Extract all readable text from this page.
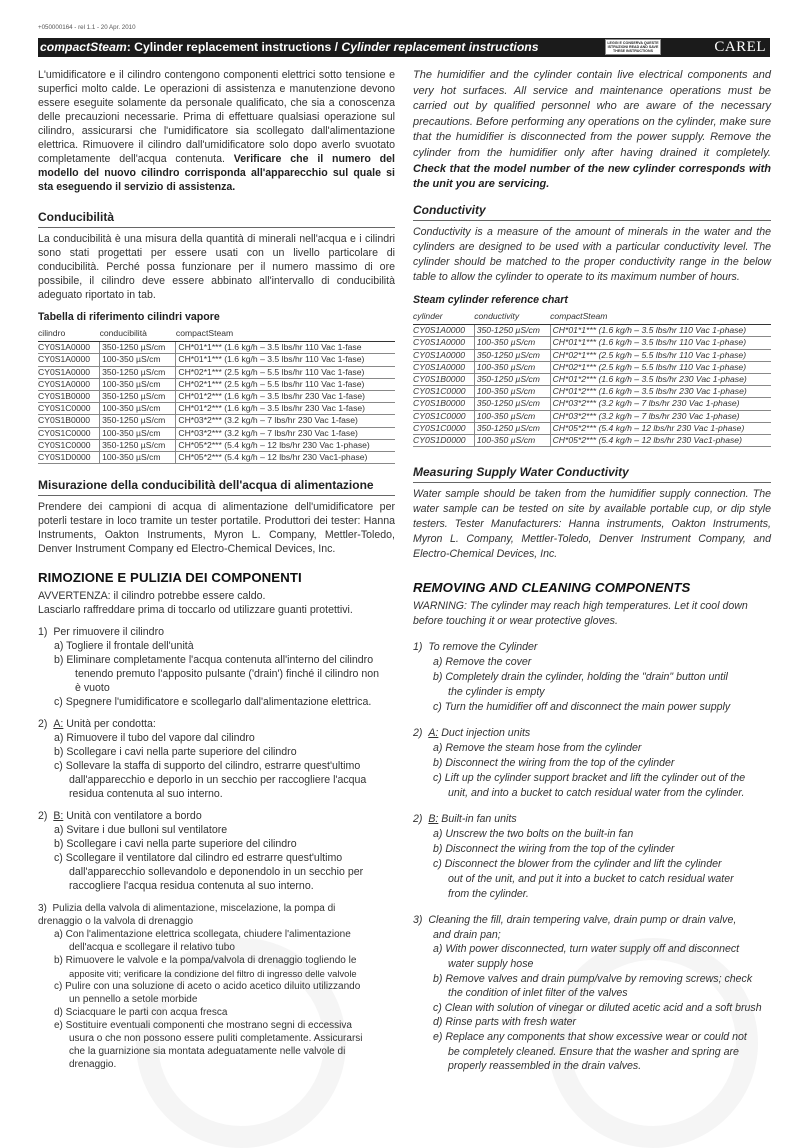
+050000164 - rel 1.1 - 20 Apr. 2010
compactSteam: Cylinder replacement instructions / Cylinder replacement instructions	LEGGI E CONSERVA QUESTE ISTRUZIONI READ AND SAVE THESE INSTRUCTIONS	CAREL

L'umidificatore e il cilindro contengono componenti elettrici sotto tensione e superfici molto calde. Le operazioni di assistenza e manutenzione devono essere eseguite solamente da personale qualificato, che sia a conoscenza delle precauzioni necessarie. Prima di effettuare qualsiasi operazione sul cilindro, assicurarsi che l'umidificatore sia scollegato dall'alimentazione elettrica. Rimuovere il cilindro dall'umidificatore solo dopo averlo svuotato completamente dell'acqua contenuta. Verificare che il numero del modello del nuovo cilindro corrisponda all'apparecchio sul quale si sta eseguendo il servizio di assistenza.

Conducibilità

La conducibilità è una misura della quantità di minerali nell'acqua e i cilindri sono stati progettati per essere usati con un livello particolare di conducibilità. Perché possa funzionare per il numero massimo di ore possibile, il cilindro deve essere abbinato all'intervallo di conducibilità adeguato riportato in tab.

Tabella di riferimento cilindri vapore
cilindro	conducibilità	compactSteam
CY0S1A0000	350-1250 µS/cm	CH*01*1*** (1.6 kg/h – 3.5 lbs/hr 110 Vac 1-fase
CY0S1A0000	100-350 µS/cm	CH*01*1*** (1.6 kg/h – 3.5 lbs/hr 110 Vac 1-fase)
CY0S1A0000	350-1250 µS/cm	CH*02*1*** (2.5 kg/h – 5.5 lbs/hr 110 Vac 1-fase)
CY0S1A0000	100-350 µS/cm	CH*02*1*** (2.5 kg/h – 5.5 lbs/hr 110 Vac 1-fase)
CY0S1B0000	350-1250 µS/cm	CH*01*2*** (1.6 kg/h – 3.5 lbs/hr 230 Vac 1-fase)
CY0S1C0000	100-350 µS/cm	CH*01*2*** (1.6 kg/h – 3.5 lbs/hr 230 Vac 1-fase)
CY0S1B0000	350-1250 µS/cm	CH*03*2*** (3.2 kg/h – 7 lbs/hr 230 Vac 1-fase)
CY0S1C0000	100-350 µS/cm	CH*03*2*** (3.2 kg/h – 7 lbs/hr 230 Vac 1-fase)
CY0S1C0000	350-1250 µS/cm	CH*05*2*** (5.4 kg/h – 12 lbs/hr 230 Vac 1-phase)
CY0S1D0000	100-350 µS/cm	CH*05*2*** (5.4 kg/h – 12 lbs/hr 230 Vac1-phase)
Misurazione della conducibilità dell'acqua di alimentazione

Prendere dei campioni di acqua di alimentazione dell'umidificatore per poterli testare in loco tramite un tester portatile. Produttori dei tester: Hanna Instruments, Oakton Instruments, Myron L. Company, Mettler-Toledo, Denver Instrument Company ed Electro-Chemical Devices, Inc.

RIMOZIONE E PULIZIA DEI COMPONENTI

AVVERTENZA: il cilindro potrebbe essere caldo.

Lasciarlo raffreddare prima di toccarlo od utilizzare guanti protettivi.

1) Per rimuovere il cilindro

a) Togliere il frontale dell'unità

b) Eliminare completamente l'acqua contenuta all'interno del cilindro

tenendo premuto l'apposito pulsante ('drain') finché il cilindro non

è vuoto

c) Spegnere l'umidificatore e scollegarlo dall'alimentazione elettrica.

2) A: Unità per condotta:

a) Rimuovere il tubo del vapore dal cilindro

b) Scollegare i cavi nella parte superiore del cilindro

c) Sollevare la staffa di supporto del cilindro, estrarre quest'ultimo

dall'apparecchio e deporlo in un secchio per raccogliere l'acqua

residua contenuta al suo interno.

2) B: Unità con ventilatore a bordo

a) Svitare i due bulloni sul ventilatore

b) Scollegare i cavi nella parte superiore del cilindro

c) Scollegare il ventilatore dal cilindro ed estrarre quest'ultimo

dall'apparecchio sollevandolo e deponendolo in un secchio per

raccogliere l'acqua residua contenuta al suo interno.

3) Pulizia della valvola di alimentazione, miscelazione, la pompa di

drenaggio o la valvola di drenaggio

a) Con l'alimentazione elettrica scollegata, chiudere l'alimentazione

dell'acqua e scollegare il relativo tubo

b) Rimuovere le valvole e la pompa/valvola di drenaggio togliendo le

apposite viti; verificare la condizione del filtro di ingresso delle valvole

c) Pulire con una soluzione di aceto o acido acetico diluito utilizzando

un pennello a setole morbide

d) Sciacquare le parti con acqua fresca

e) Sostituire eventuali componenti che mostrano segni di eccessiva

usura o che non possono essere puliti completamente. Assicurarsi

che la guarnizione sia montata adeguatamente nelle valvole di

drenaggio.

The humidifier and the cylinder contain live electrical components and very hot surfaces. All service and maintenance operations must be carried out by qualified personnel who are aware of the necessary precautions. Before performing any operations on the cylinder, make sure that the humidifier is disconnected from the power supply. Remove the cylinder from the humidifier only after having drained it completely. Check that the model number of the new cylinder corresponds with the unit you are servicing.

Conductivity

Conductivity is a measure of the amount of minerals in the water and the cylinders are designed to be used with a particular conductivity level. The cylinder should be matched to the proper conductivity range in the below table to allow the cylinder to operate to its maximum number of hours.

Steam cylinder reference chart
cylinder	conductivity	compactSteam
CY0S1A0000	350-1250 µS/cm	CH*01*1*** (1.6 kg/h – 3.5 lbs/hr 110 Vac 1-phase)
CY0S1A0000	100-350 µS/cm	CH*01*1*** (1.6 kg/h – 3.5 lbs/hr 110 Vac 1-phase)
CY0S1A0000	350-1250 µS/cm	CH*02*1*** (2.5 kg/h – 5.5 lbs/hr 110 Vac 1-phase)
CY0S1A0000	100-350 µS/cm	CH*02*1*** (2.5 kg/h – 5.5 lbs/hr 110 Vac 1-phase)
CY0S1B0000	350-1250 µS/cm	CH*01*2*** (1.6 kg/h – 3.5 lbs/hr 230 Vac 1-phase)
CY0S1C0000	100-350 µS/cm	CH*01*2*** (1.6 kg/h – 3.5 lbs/hr 230 Vac 1-phase)
CY0S1B0000	350-1250 µS/cm	CH*03*2*** (3.2 kg/h – 7 lbs/hr 230 Vac 1-phase)
CY0S1C0000	100-350 µS/cm	CH*03*2*** (3.2 kg/h – 7 lbs/hr 230 Vac 1-phase)
CY0S1C0000	350-1250 µS/cm	CH*05*2*** (5.4 kg/h – 12 lbs/hr 230 Vac 1-phase)
CY0S1D0000	100-350 µS/cm	CH*05*2*** (5.4 kg/h – 12 lbs/hr 230 Vac1-phase)
Measuring Supply Water Conductivity

Water sample should be taken from the humidifier supply connection. The water sample can be tested on site by available portable cup, or dip style testers. Tester Manufacturers: Hanna instruments, Oakton Instruments, Myron L. Company, Mettler-Toledo, Denver Instrument Company, and Electro-Chemical Devices, Inc.

REMOVING AND CLEANING COMPONENTS

WARNING: The cylinder may reach high temperatures. Let it cool down before touching it or wear protective gloves.

1) To remove the Cylinder

a) Remove the cover

b) Completely drain the cylinder, holding the "drain" button until

the cylinder is empty

c) Turn the humidifier off and disconnect the main power supply

2) A: Duct injection units

a) Remove the steam hose from the cylinder

b) Disconnect the wiring from the top of the cylinder

c) Lift up the cylinder support bracket and lift the cylinder out of the

unit, and into a bucket to catch residual water from the cylinder.

2) B: Built-in fan units

a) Unscrew the two bolts on the built-in fan

b) Disconnect the wiring from the top of the cylinder

c) Disconnect the blower from the cylinder and lift the cylinder

out of the unit, and put it into a bucket to catch residual water

from the cylinder.

3) Cleaning the fill, drain tempering valve, drain pump or drain valve,

and drain pan;

a) With power disconnected, turn water supply off and disconnect

water supply hose

b) Remove valves and drain pump/valve by removing screws; check

the condition of inlet filter of the valves

c) Clean with solution of vinegar or diluted acetic acid and a soft brush

d) Rinse parts with fresh water

e) Replace any components that show excessive wear or could not

be completely cleaned. Ensure that the washer and spring are

properly reassembled in the drain valves.
